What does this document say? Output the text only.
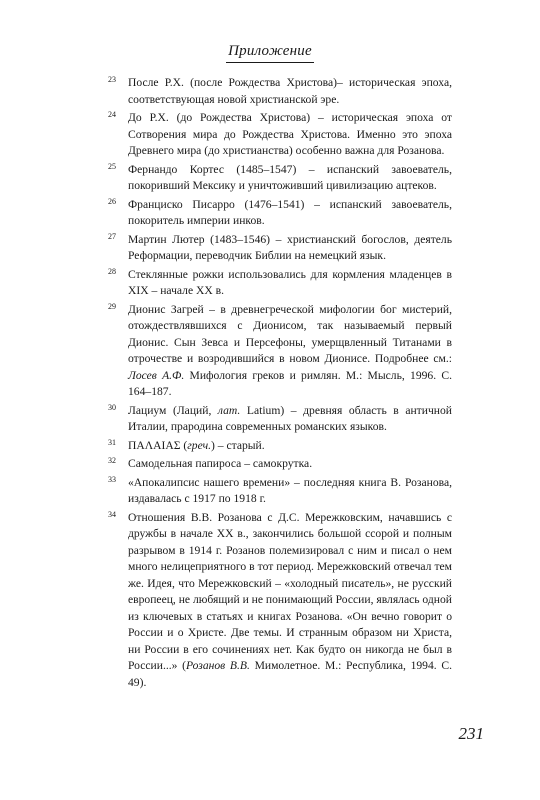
Приложение
23 После Р.Х. (после Рождества Христова)– историческая эпоха, соответствующая новой христианской эре.
24 До Р.Х. (до Рождества Христова) – историческая эпоха от Сотворения мира до Рождества Христова. Именно это эпоха Древнего мира (до христианства) особенно важна для Розанова.
25 Фернандо Кортес (1485–1547) – испанский завоеватель, покоривший Мексику и уничтоживший цивилизацию ацтеков.
26 Франциско Писарро (1476–1541) – испанский завоеватель, покоритель империи инков.
27 Мартин Лютер (1483–1546) – христианский богослов, деятель Реформации, переводчик Библии на немецкий язык.
28 Стеклянные рожки использовались для кормления младенцев в XIX – начале XX в.
29 Дионис Загрей – в древнегреческой мифологии бог мистерий, отождествлявшихся с Дионисом, так называемый первый Дионис. Сын Зевса и Персефоны, умерщвленный Титанами в отрочестве и возродившийся в новом Дионисе. Подробнее см.: Лосев А.Ф. Мифология греков и римлян. М.: Мысль, 1996. С. 164–187.
30 Лациум (Лаций, лат. Latium) – древняя область в античной Италии, прародина современных романских языков.
31 ΠΑΛΑΙΑΣ (греч.) – старый.
32 Самодельная папироса – самокрутка.
33 «Апокалипсис нашего времени» – последняя книга В. Розанова, издавалась с 1917 по 1918 г.
34 Отношения В.В. Розанова с Д.С. Мережковским, начавшись с дружбы в начале XX в., закончились большой ссорой и полным разрывом в 1914 г. Розанов полемизировал с ним и писал о нем много нелицеприятного в тот период. Мережковский отвечал тем же. Идея, что Мережковский – «холодный писатель», не русский европеец, не любящий и не понимающий России, являлась одной из ключевых в статьях и книгах Розанова. «Он вечно говорит о России и о Христе. Две темы. И странным образом ни Христа, ни России в его сочинениях нет. Как будто он никогда не был в России...» (Розанов В.В. Мимолетное. М.: Республика, 1994. С. 49).
231
